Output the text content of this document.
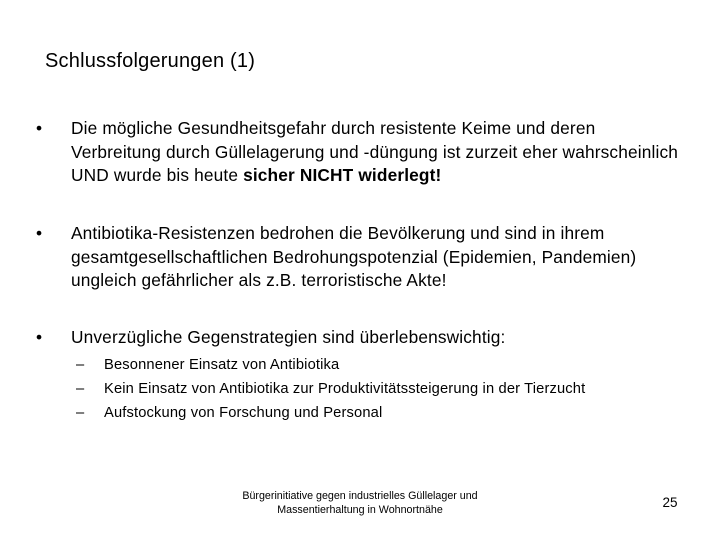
Schlussfolgerungen (1)
•	Die mögliche Gesundheitsgefahr durch resistente Keime und deren Verbreitung durch Güllelagerung und -düngung ist zurzeit eher wahrscheinlich UND wurde bis heute sicher NICHT widerlegt!
•	Antibiotika-Resistenzen bedrohen die Bevölkerung und sind in ihrem gesamtgesellschaftlichen Bedrohungspotenzial (Epidemien, Pandemien) ungleich gefährlicher als z.B. terroristische Akte!
•	Unverzügliche Gegenstrategien sind überlebenswichtig:
– Besonnener Einsatz von Antibiotika
– Kein Einsatz von Antibiotika zur Produktivitätssteigerung in der Tierzucht
– Aufstockung von Forschung und Personal
Bürgerinitiative gegen industrielles Güllelager und
Massentierhaltung in Wohnortnähe	25
